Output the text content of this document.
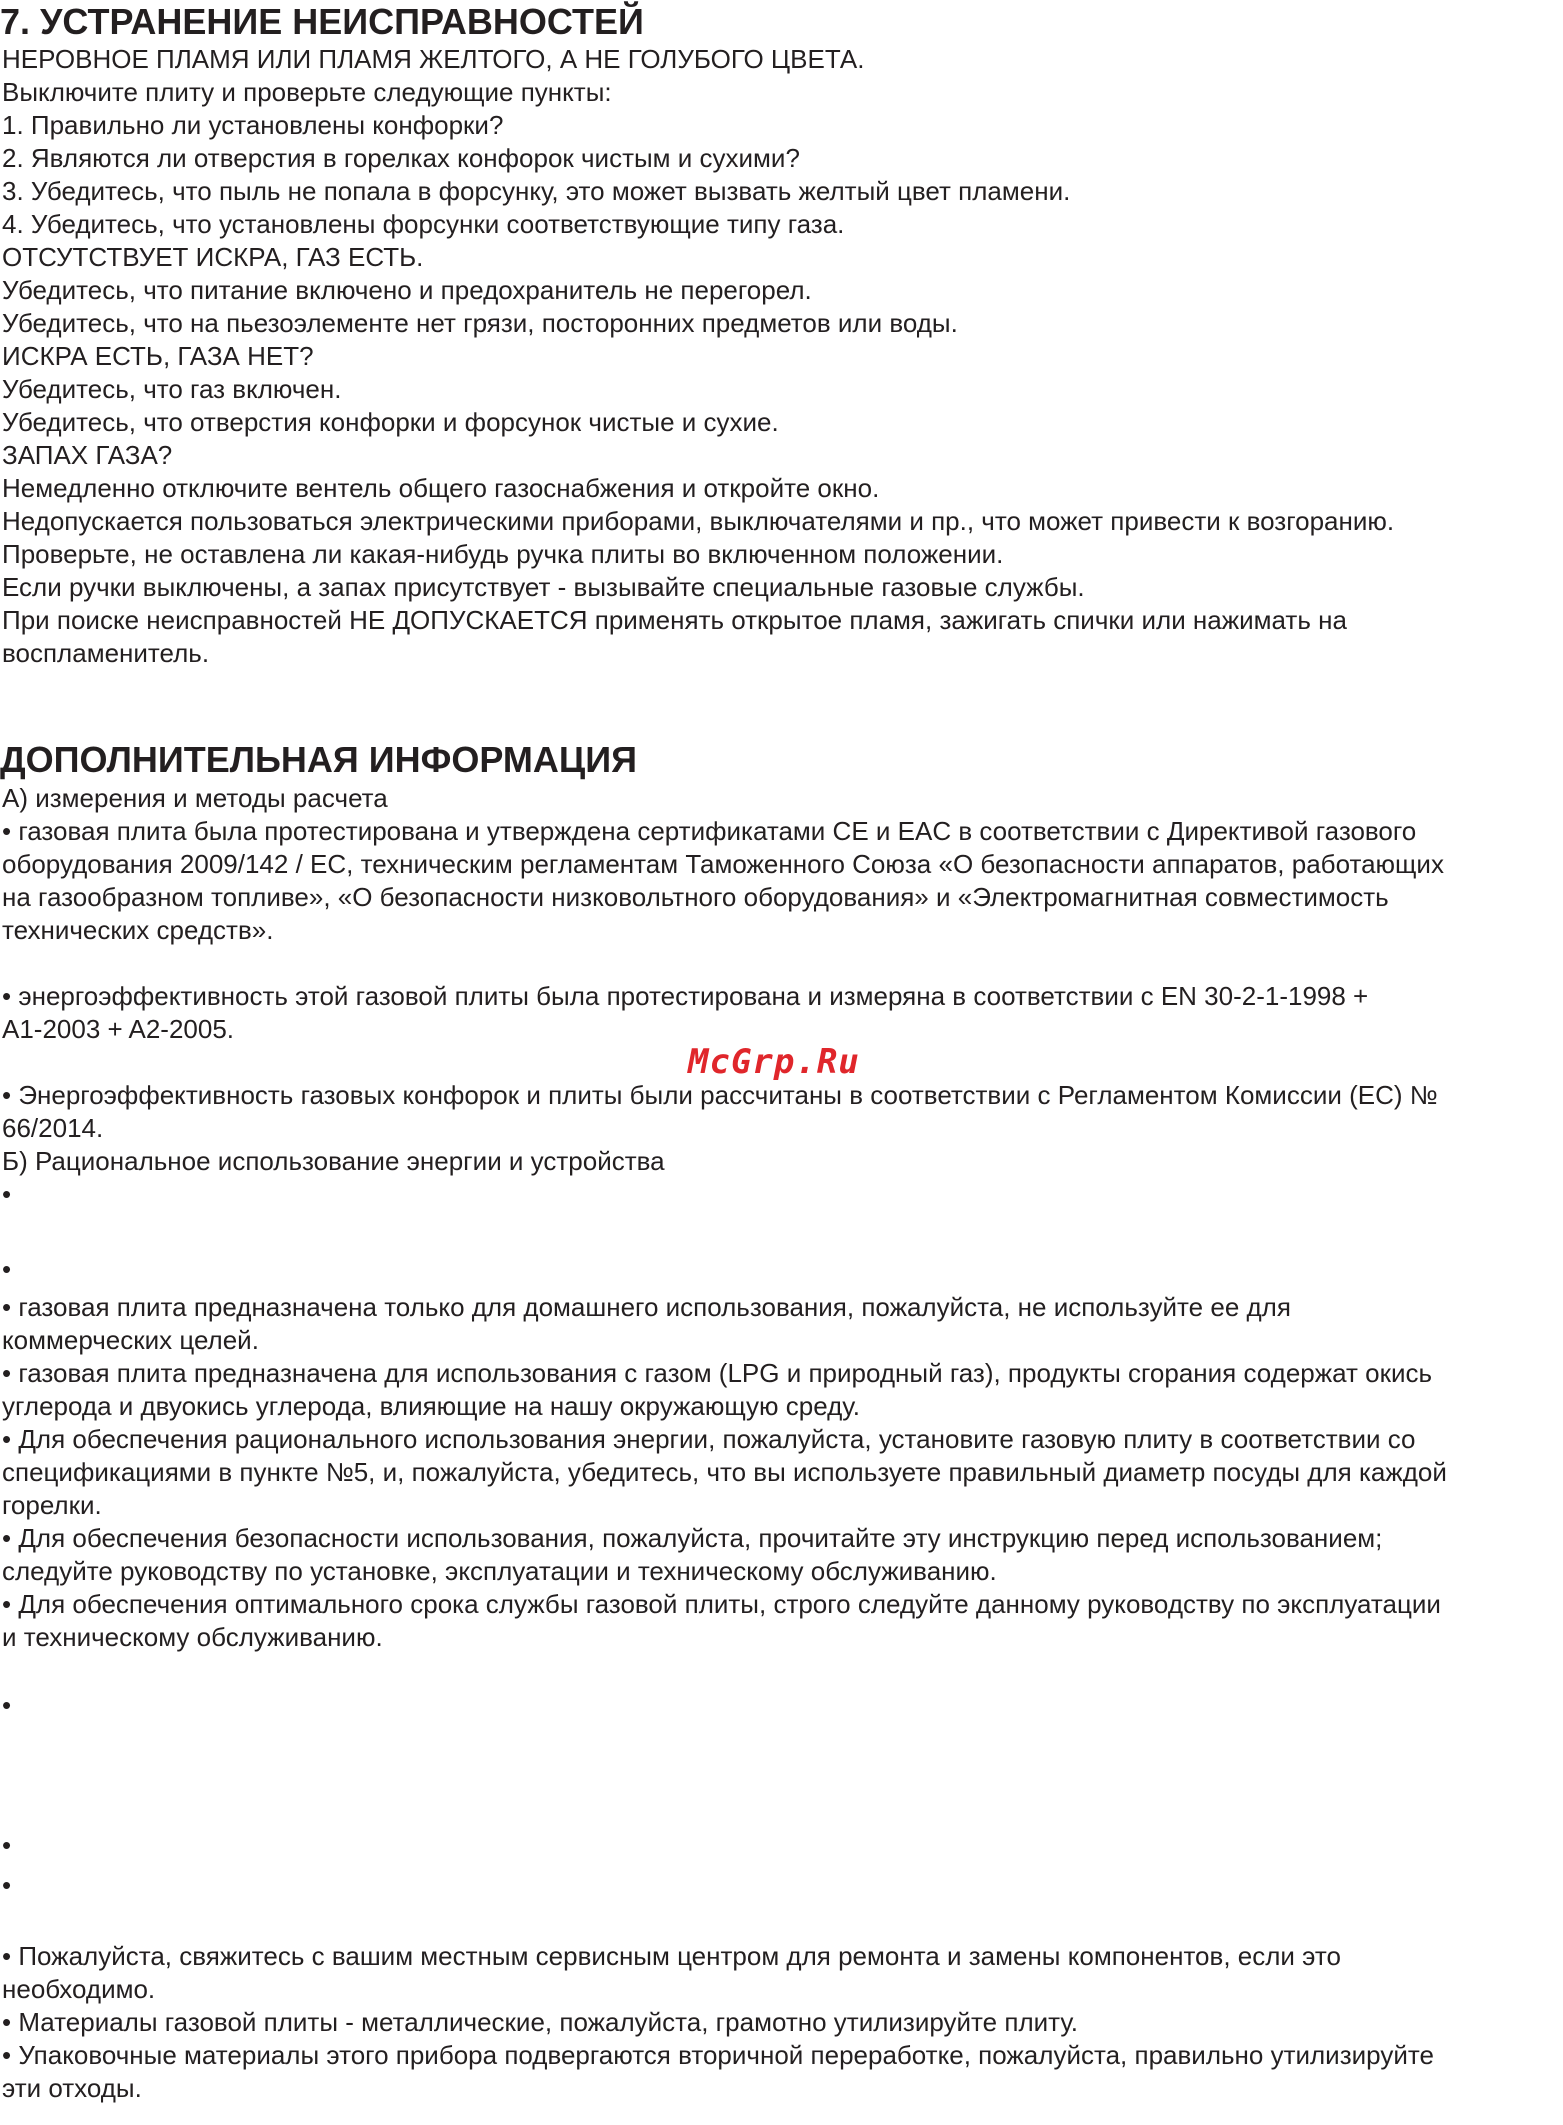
7. УСТРАНЕНИЕ НЕИСПРАВНОСТЕЙ

НЕРОВНОЕ ПЛАМЯ ИЛИ ПЛАМЯ ЖЕЛТОГО, А НЕ ГОЛУБОГО ЦВЕТА.

Выключите плиту и проверьте следующие пункты:

1. Правильно ли установлены конфорки?

2. Являются ли отверстия в горелках конфорок чистым и сухими?

3. Убедитесь, что пыль не попала в форсунку, это может вызвать желтый цвет пламени.

4. Убедитесь, что установлены форсунки соответствующие типу газа.

ОТСУТСТВУЕТ ИСКРА, ГАЗ ЕСТЬ.

Убедитесь, что питание включено и предохранитель не перегорел.

Убедитесь, что на пьезоэлементе нет грязи, посторонних предметов или воды.

ИСКРА ЕСТЬ, ГАЗА НЕТ?

Убедитесь, что газ включен.

Убедитесь, что отверстия конфорки и форсунок чистые и сухие.

ЗАПАХ ГАЗА?

Немедленно отключите вентель общего газоснабжения и откройте окно.

Недопускается пользоваться электрическими приборами, выключателями и пр., что может привести к возгоранию.

Проверьте, не оставлена ли какая-нибудь ручка плиты во включенном положении.

Если ручки выключены, а запах присутствует - вызывайте специальные газовые службы.

При поиске неисправностей НЕ ДОПУСКАЕТСЯ применять открытое пламя, зажигать спички или нажимать на

воспламенитель.

ДОПОЛНИТЕЛЬНАЯ ИНФОРМАЦИЯ

А) измерения и методы расчета

• газовая плита была протестирована и утверждена сертификатами CE и EAC в соответствии с Директивой газового

оборудования 2009/142 / EC, техническим регламентам Таможенного Союза «О безопасности аппаратов, работающих

на газообразном топливе», «О безопасности низковольтного оборудования» и «Электромагнитная совместимость

технических средств».

• энергоэффективность этой газовой плиты была протестирована и измеряна в соответствии с EN 30-2-1-1998 +

A1-2003 + A2-2005.

• Энергоэффективность газовых конфорок и плиты были рассчитаны в соответствии с Регламентом Комиссии (EC) №

66/2014.

Б) Рациональное использование энергии и устройства

•

•

• газовая плита предназначена только для домашнего использования, пожалуйста, не используйте ее для

коммерческих целей.

• газовая плита предназначена для использования с газом (LPG и природный газ), продукты сгорания содержат окись

углерода и двуокись углерода, влияющие на нашу окружающую среду.

• Для обеспечения рационального использования энергии, пожалуйста, установите газовую плиту в соответствии со

спецификациями в пункте №5, и, пожалуйста, убедитесь, что вы используете правильный диаметр посуды для каждой

горелки.

• Для обеспечения безопасности использования, пожалуйста, прочитайте эту инструкцию перед использованием;

следуйте руководству по установке, эксплуатации и техническому обслуживанию.

• Для обеспечения оптимального срока службы газовой плиты, строго следуйте данному руководству по эксплуатации

и техническому обслуживанию.

•

•

•

• Пожалуйста, свяжитесь с вашим местным сервисным центром для ремонта и замены компонентов, если это

необходимо.

• Материалы газовой плиты - металлические, пожалуйста, грамотно утилизируйте плиту.

• Упаковочные материалы этого прибора подвергаются вторичной переработке, пожалуйста, правильно утилизируйте

эти отходы.

McGrp.Ru
